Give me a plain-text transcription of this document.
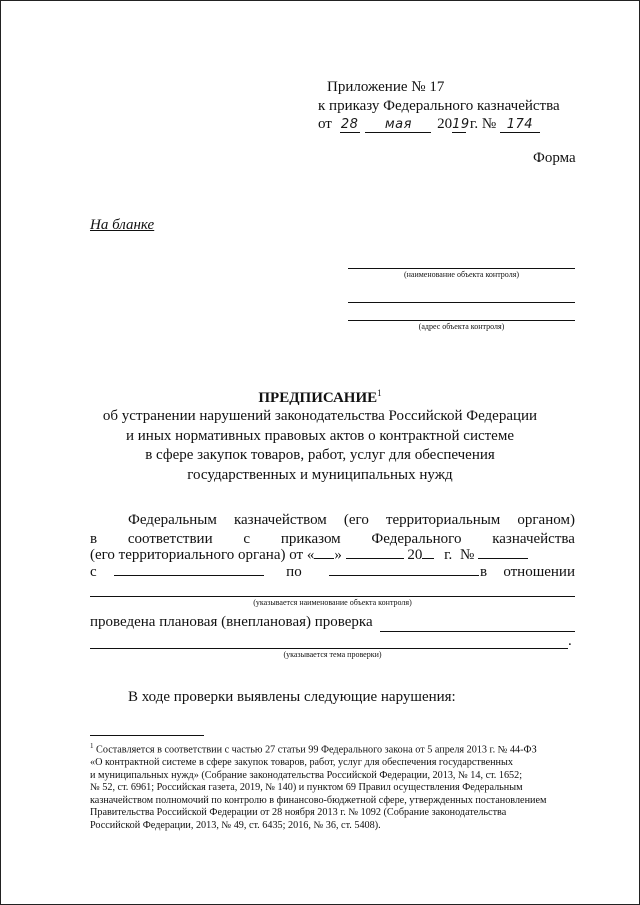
Приложение № 17
к приказу Федерального казначейства
от 28 мая 2019 г. № 174
Форма
На бланке
(наименование объекта контроля)
(адрес объекта контроля)
ПРЕДПИСАНИЕ$^1$
об устранении нарушений законодательства Российской Федерации
и иных нормативных правовых актов о контрактной системе
в сфере закупок товаров, работ, услуг для обеспечения
государственных и муниципальных нужд
Федеральным казначейством (его территориальным органом)
в соответствии с приказом Федерального казначейства
(его территориального органа) от « »	20 г. №
с	по	в отношении
(указывается наименование объекта контроля)
проведена плановая (внеплановая) проверка
.
(указывается тема проверки)
В ходе проверки выявлены следующие нарушения:
$^1$ Составляется в соответствии с частью 27 статьи 99 Федерального закона от 5 апреля 2013 г. № 44-ФЗ
«О контрактной системе в сфере закупок товаров, работ, услуг для обеспечения государственных
и муниципальных нужд» (Собрание законодательства Российской Федерации, 2013, № 14, ст. 1652;
№ 52, ст. 6961; Российская газета, 2019, № 140) и пунктом 69 Правил осуществления Федеральным
казначейством полномочий по контролю в финансово-бюджетной сфере, утвержденных постановлением
Правительства Российской Федерации от 28 ноября 2013 г. № 1092 (Собрание законодательства
Российской Федерации, 2013, № 49, ст. 6435; 2016, № 36, ст. 5408).
